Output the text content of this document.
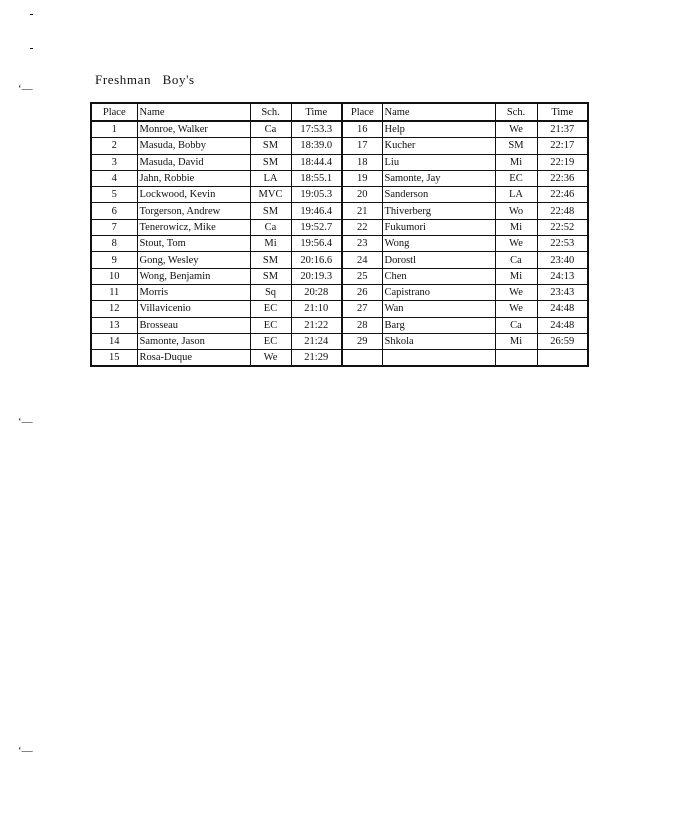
‘—
‘—
‘—
Freshman   Boy's
Place	Name	Sch.	Time	Place	Name	Sch.	Time
1	Monroe, Walker	Ca	17:53.3	16	Help	We	21:37
2	Masuda, Bobby	SM	18:39.0	17	Kucher	SM	22:17
3	Masuda, David	SM	18:44.4	18	Liu	Mi	22:19
4	Jahn, Robbie	LA	18:55.1	19	Samonte, Jay	EC	22:36
5	Lockwood, Kevin	MVC	19:05.3	20	Sanderson	LA	22:46
6	Torgerson, Andrew	SM	19:46.4	21	Thiverberg	Wo	22:48
7	Tenerowicz, Mike	Ca	19:52.7	22	Fukumori	Mi	22:52
8	Stout, Tom	Mi	19:56.4	23	Wong	We	22:53
9	Gong, Wesley	SM	20:16.6	24	Dorostl	Ca	23:40
10	Wong, Benjamin	SM	20:19.3	25	Chen	Mi	24:13
11	Morris	Sq	20:28	26	Capistrano	We	23:43
12	Villavicenio	EC	21:10	27	Wan	We	24:48
13	Brosseau	EC	21:22	28	Barg	Ca	24:48
14	Samonte, Jason	EC	21:24	29	Shkola	Mi	26:59
15	Rosa-Duque	We	21:29				
